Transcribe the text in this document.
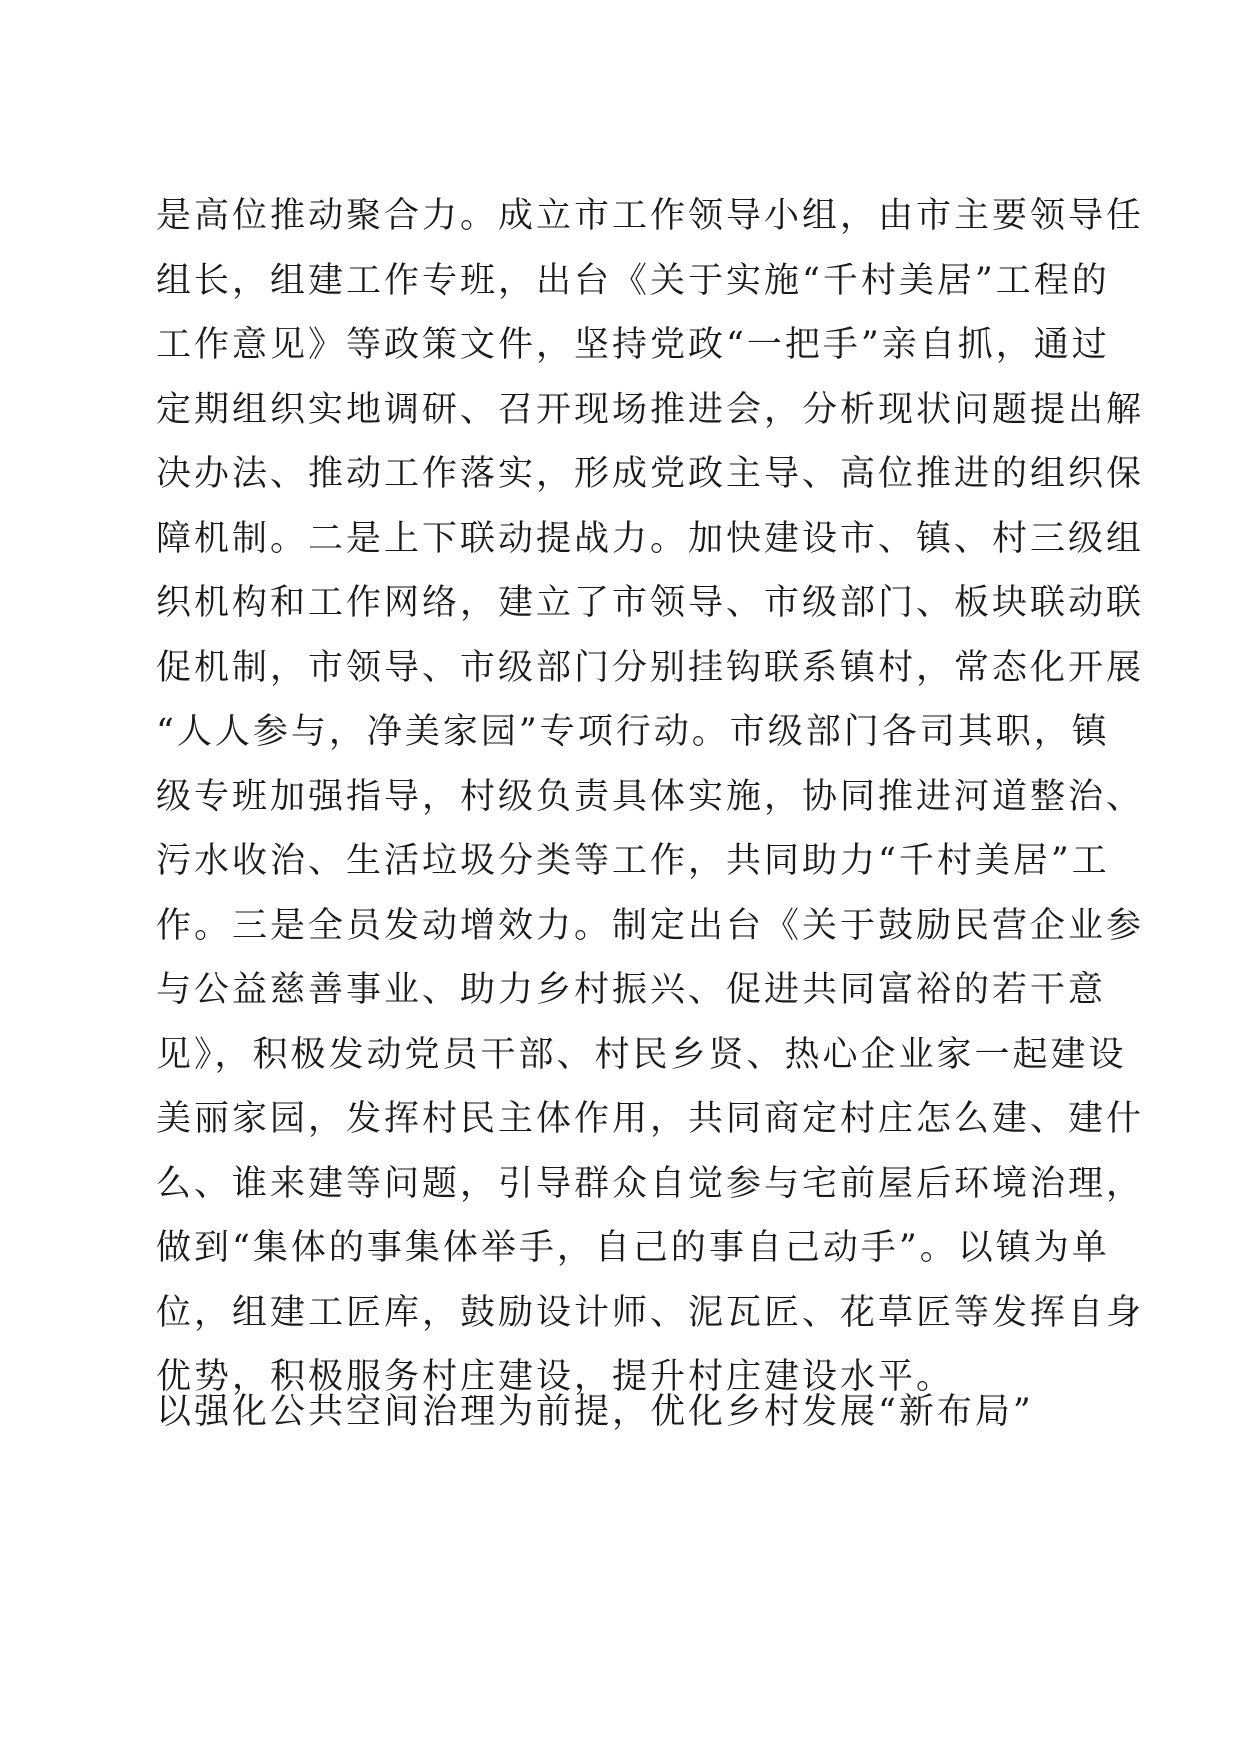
是高位推动聚合力。成立市工作领导小组，由市主要领导任
组长，组建工作专班，出台《关于实施“千村美居”工程的
工作意见》等政策文件，坚持党政“一把手”亲自抓，通过
定期组织实地调研、召开现场推进会，分析现状问题提出解
决办法、推动工作落实，形成党政主导、高位推进的组织保
障机制。二是上下联动提战力。加快建设市、镇、村三级组
织机构和工作网络，建立了市领导、市级部门、板块联动联
促机制，市领导、市级部门分别挂钩联系镇村，常态化开展
“人人参与，净美家园”专项行动。市级部门各司其职，镇
级专班加强指导，村级负责具体实施，协同推进河道整治、
污水收治、生活垃圾分类等工作，共同助力“千村美居”工
作。三是全员发动增效力。制定出台《关于鼓励民营企业参
与公益慈善事业、助力乡村振兴、促进共同富裕的若干意
见》，积极发动党员干部、村民乡贤、热心企业家一起建设
美丽家园，发挥村民主体作用，共同商定村庄怎么建、建什
么、谁来建等问题，引导群众自觉参与宅前屋后环境治理，
做到“集体的事集体举手，自己的事自己动手”。以镇为单
位，组建工匠库，鼓励设计师、泥瓦匠、花草匠等发挥自身
优势，积极服务村庄建设，提升村庄建设水平。
以强化公共空间治理为前提，优化乡村发展“新布局”
